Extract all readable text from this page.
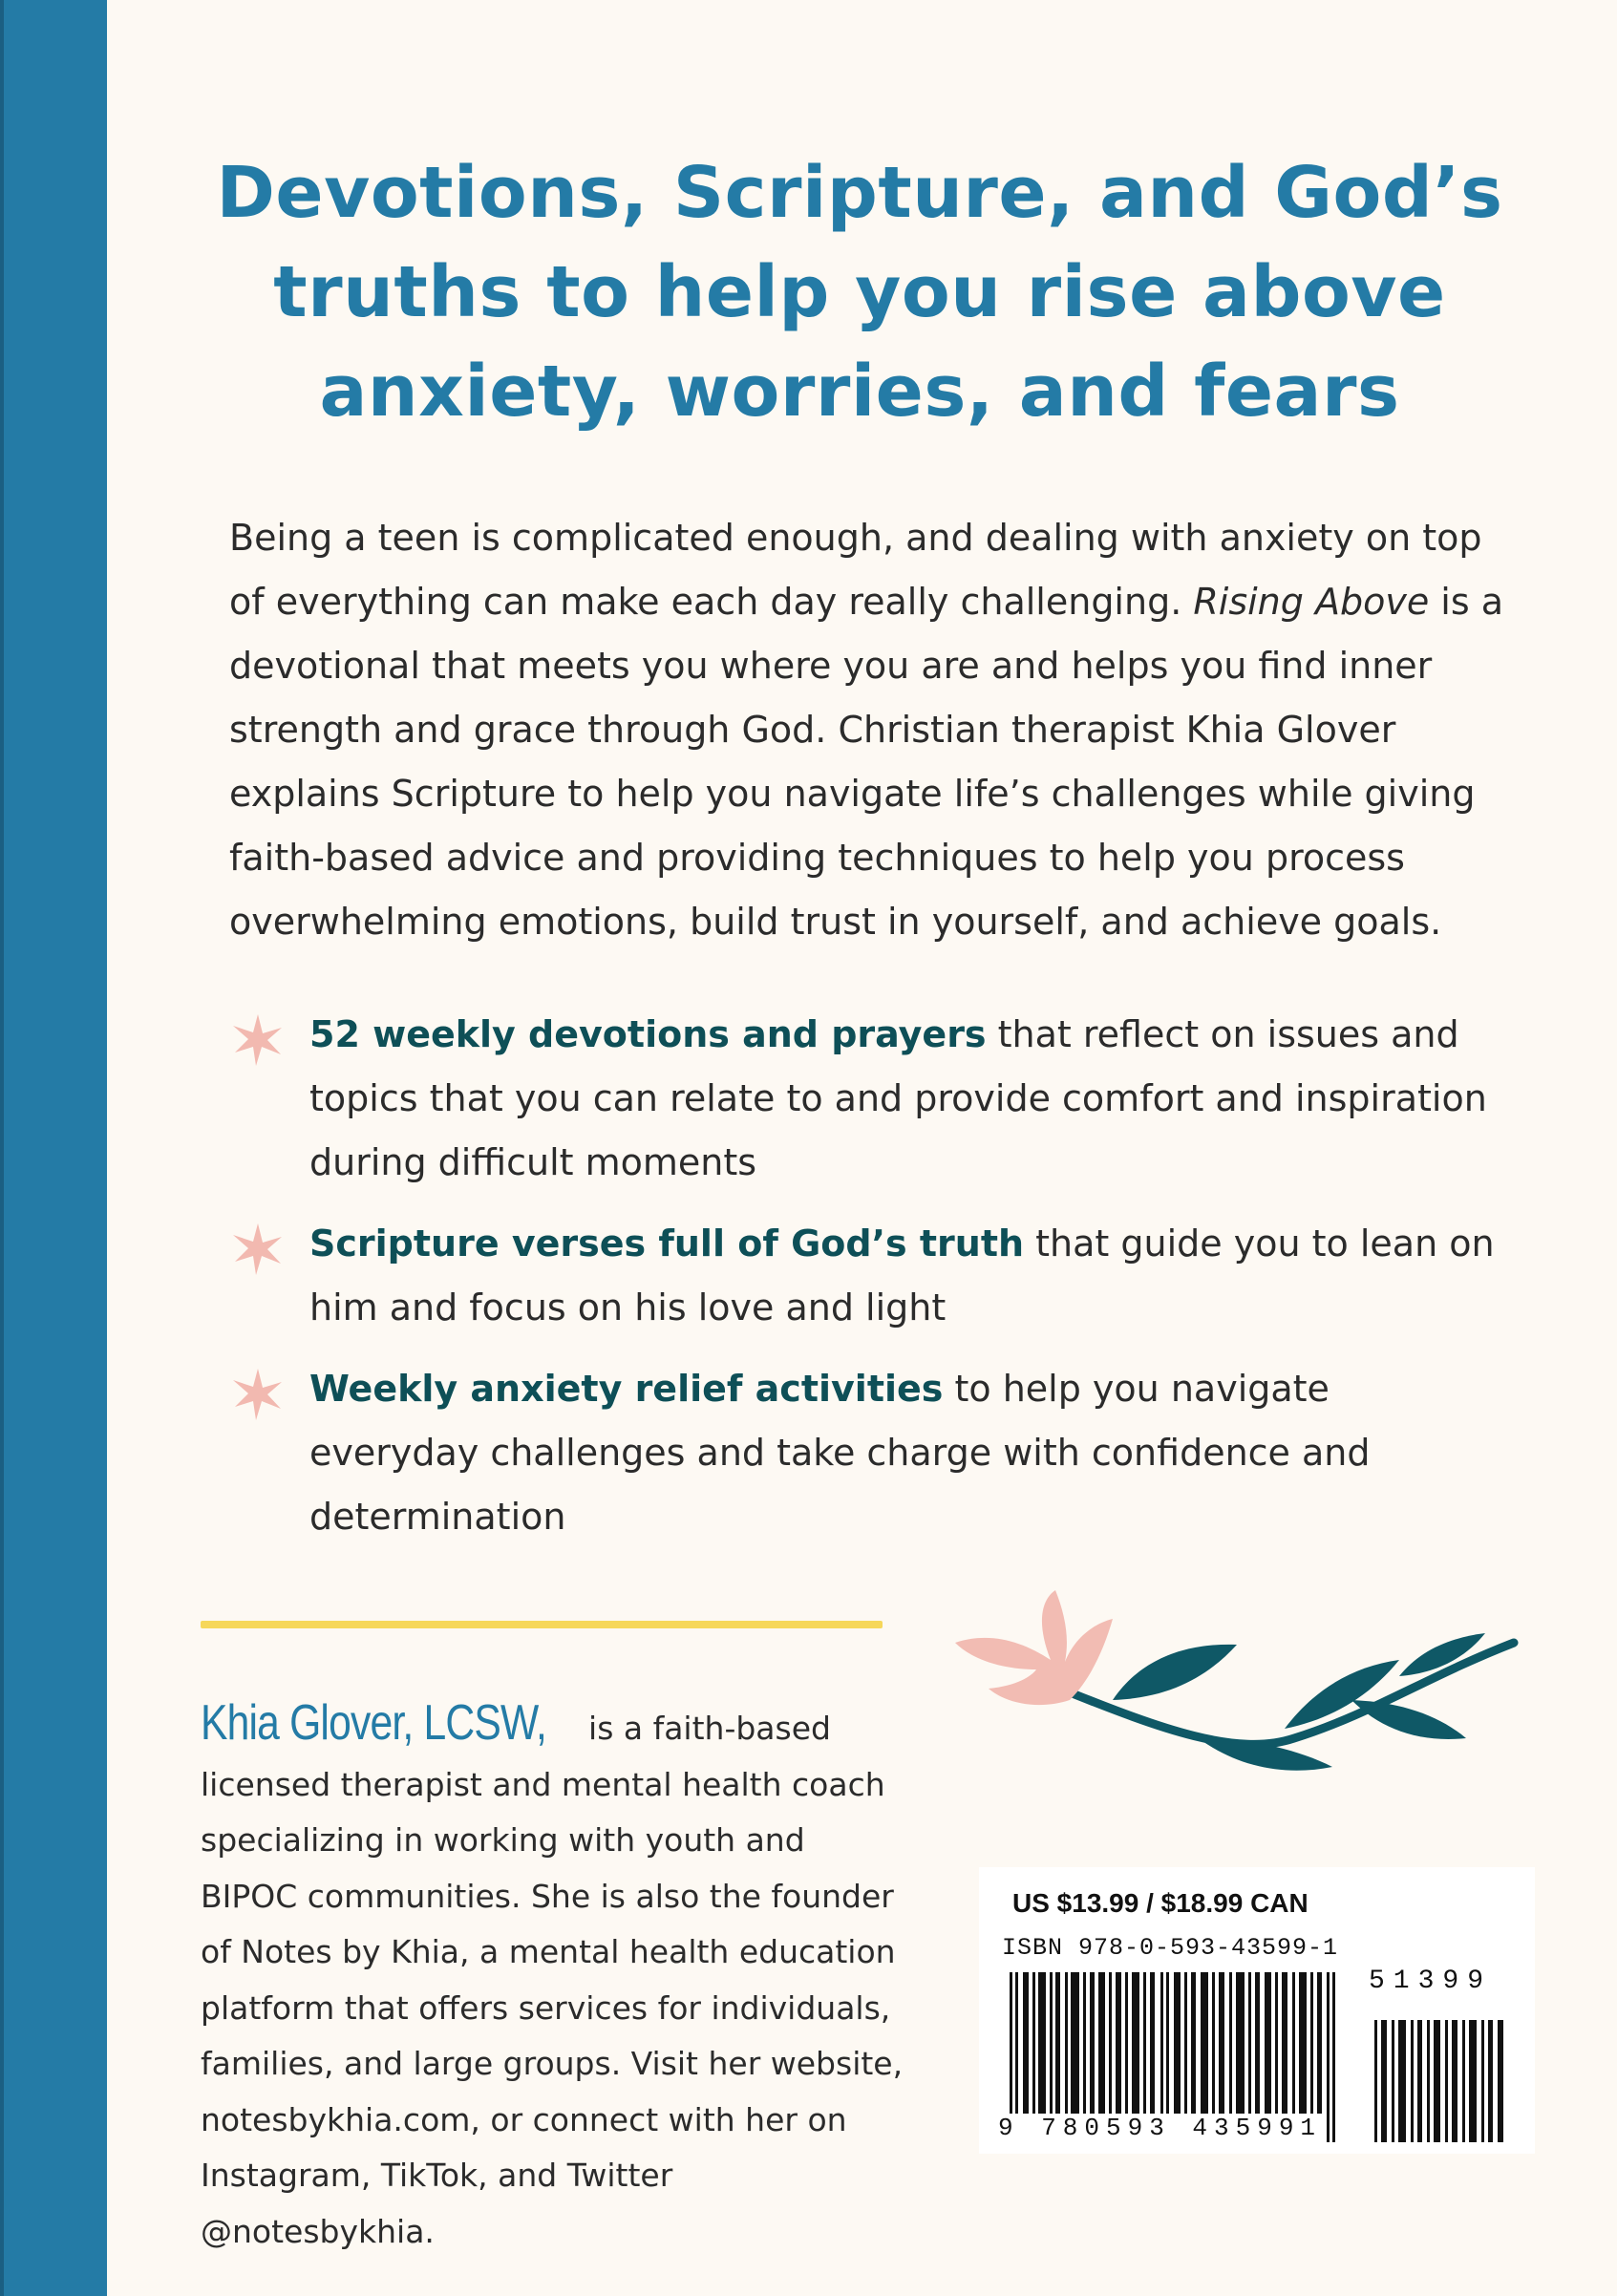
Devotions, Scripture, and God’s
truths to help you rise above
anxiety, worries, and fears

Being a teen is complicated enough, and dealing with anxiety on top of everything can make each day really challenging. Rising Above is a devotional that meets you where you are and helps you find inner strength and grace through God. Christian therapist Khia Glover explains Scripture to help you navigate life’s challenges while giving faith-based advice and providing techniques to help you process overwhelming emotions, build trust in yourself, and achieve goals.

52 weekly devotions and prayers that reflect on issues and topics that you can relate to and provide comfort and inspiration during difficult moments
Scripture verses full of God’s truth that guide you to lean on him and focus on his love and light
Weekly anxiety relief activities to help you navigate everyday challenges and take charge with confidence and determination

Khia Glover, LCSW, is a faith-based licensed therapist and mental health coach specializing in working with youth and BIPOC communities. She is also the founder of Notes by Khia, a mental health education platform that offers services for individuals, families, and large groups. Visit her website, notesbykhia.com, or connect with her on Instagram, TikTok, and Twitter @notesbykhia.

US $13.99 / $18.99 CAN

ISBN 978-0-593-43599-1

51399

9 780593 435991
